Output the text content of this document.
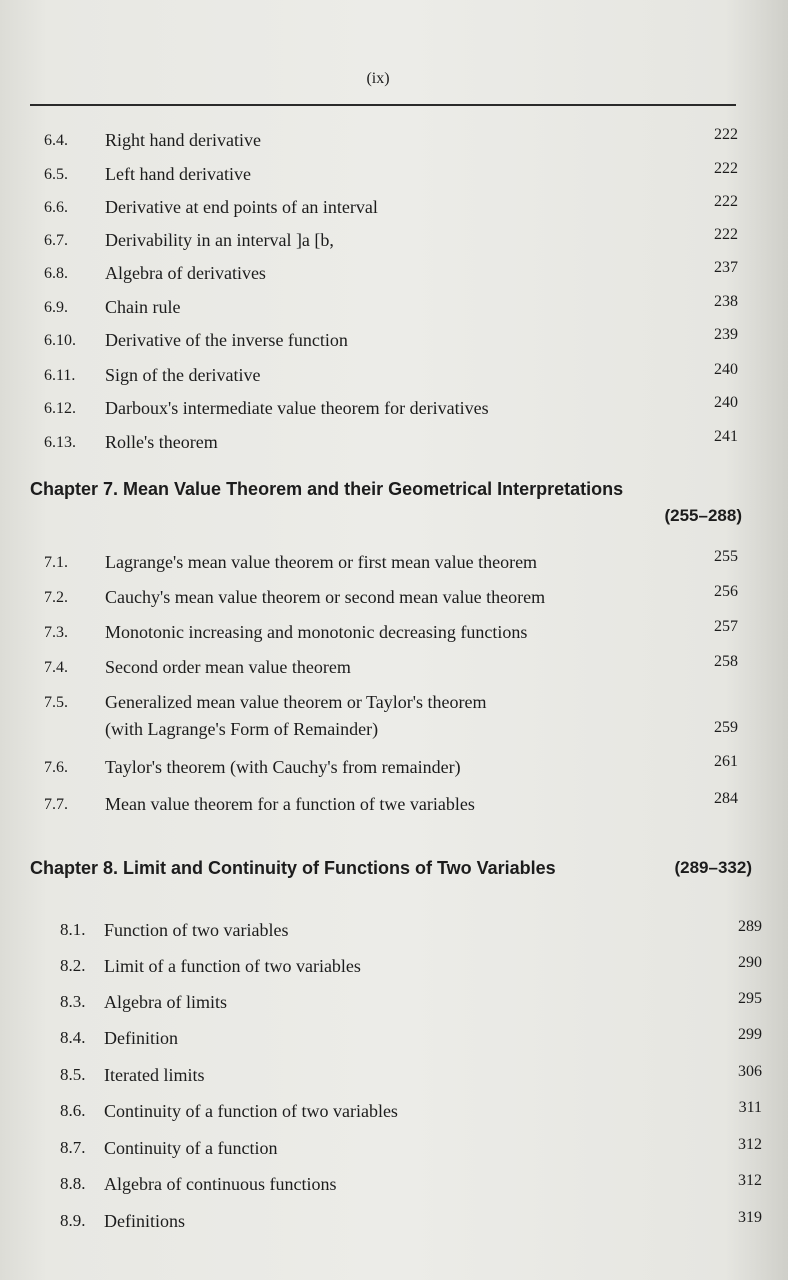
(ix)
6.4. Right hand derivative	222
6.5. Left hand derivative	222
6.6. Derivative at end points of an interval	222
6.7. Derivability in an interval ]a [b,	222
6.8. Algebra of derivatives	237
6.9. Chain rule	238
6.10. Derivative of the inverse function	239
6.11. Sign of the derivative	240
6.12. Darboux's intermediate value theorem for derivatives	240
6.13. Rolle's theorem	241
Chapter 7. Mean Value Theorem and their Geometrical Interpretations
(255–288)
7.1. Lagrange's mean value theorem or first mean value theorem	255
7.2. Cauchy's mean value theorem or second mean value theorem	256
7.3. Monotonic increasing and monotonic decreasing functions	257
7.4. Second order mean value theorem	258
7.5. Generalized mean value theorem or Taylor's theorem
(with Lagrange's Form of Remainder)	259
7.6. Taylor's theorem (with Cauchy's from remainder)	261
7.7. Mean value theorem for a function of twe variables	284
Chapter 8. Limit and Continuity of Functions of Two Variables	(289–332)
8.1. Function of two variables	289
8.2. Limit of a function of two variables	290
8.3. Algebra of limits	295
8.4. Definition	299
8.5. Iterated limits	306
8.6. Continuity of a function of two variables	311
8.7. Continuity of a function	312
8.8. Algebra of continuous functions	312
8.9. Definitions	319
